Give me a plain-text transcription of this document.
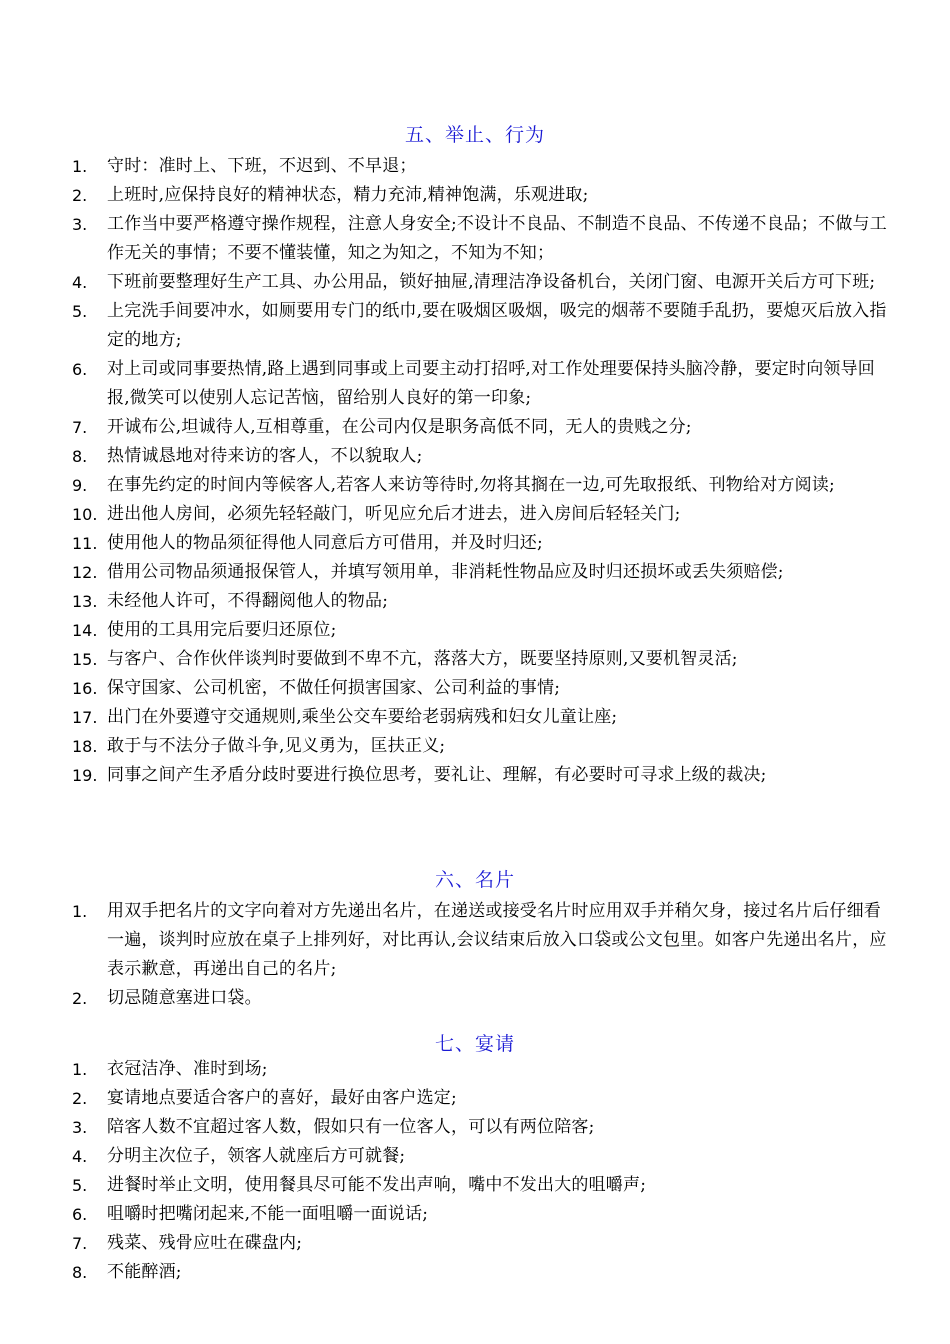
五、举止、行为
1. 守时：准时上、下班，不迟到、不早退；
2. 上班时,应保持良好的精神状态，精力充沛,精神饱满，乐观进取;
3. 工作当中要严格遵守操作规程，注意人身安全;不设计不良品、不制造不良品、不传递不良品；不做与工作无关的事情；不要不懂装懂，知之为知之，不知为不知；
4. 下班前要整理好生产工具、办公用品，锁好抽屉,清理洁净设备机台，关闭门窗、电源开关后方可下班;
5. 上完洗手间要冲水，如厕要用专门的纸巾,要在吸烟区吸烟，吸完的烟蒂不要随手乱扔，要熄灭后放入指定的地方;
6. 对上司或同事要热情,路上遇到同事或上司要主动打招呼,对工作处理要保持头脑冷静，要定时向领导回报,微笑可以使别人忘记苦恼，留给别人良好的第一印象;
7. 开诚布公,坦诚待人,互相尊重，在公司内仅是职务高低不同，无人的贵贱之分;
8. 热情诚恳地对待来访的客人，不以貌取人;
9. 在事先约定的时间内等候客人,若客人来访等待时,勿将其搁在一边,可先取报纸、刊物给对方阅读;
10. 进出他人房间，必须先轻轻敲门，听见应允后才进去，进入房间后轻轻关门;
11. 使用他人的物品须征得他人同意后方可借用，并及时归还;
12. 借用公司物品须通报保管人，并填写领用单，非消耗性物品应及时归还损坏或丢失须赔偿;
13. 未经他人许可，不得翻阅他人的物品;
14. 使用的工具用完后要归还原位;
15. 与客户、合作伙伴谈判时要做到不卑不亢，落落大方，既要坚持原则,又要机智灵活;
16. 保守国家、公司机密，不做任何损害国家、公司利益的事情;
17. 出门在外要遵守交通规则,乘坐公交车要给老弱病残和妇女儿童让座;
18. 敢于与不法分子做斗争,见义勇为，匡扶正义;
19. 同事之间产生矛盾分歧时要进行换位思考，要礼让、理解，有必要时可寻求上级的裁决;
六、名片
1. 用双手把名片的文字向着对方先递出名片，在递送或接受名片时应用双手并稍欠身，接过名片后仔细看一遍，谈判时应放在桌子上排列好，对比再认,会议结束后放入口袋或公文包里。如客户先递出名片，应表示歉意，再递出自己的名片;
2. 切忌随意塞进口袋。
七、宴请
1. 衣冠洁净、准时到场;
2. 宴请地点要适合客户的喜好，最好由客户选定;
3. 陪客人数不宜超过客人数，假如只有一位客人，可以有两位陪客;
4. 分明主次位子，领客人就座后方可就餐;
5. 进餐时举止文明，使用餐具尽可能不发出声响，嘴中不发出大的咀嚼声;
6. 咀嚼时把嘴闭起来,不能一面咀嚼一面说话;
7. 残菜、残骨应吐在碟盘内;
8. 不能醉酒;
